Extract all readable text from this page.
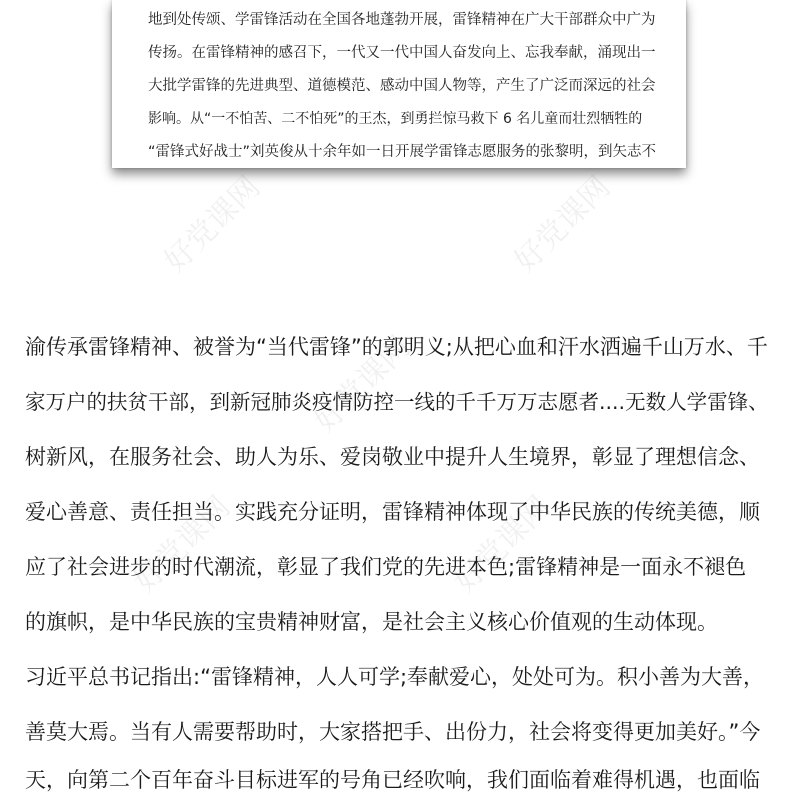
好党课网	好党课网
好党课网
好党课网	好党课网
地到处传颂、学雷锋活动在全国各地蓬勃开展，雷锋精神在广大干部群众中广为
传扬。在雷锋精神的感召下，一代又一代中国人奋发向上、忘我奉献，涌现出一
大批学雷锋的先进典型、道德模范、感动中国人物等，产生了广泛而深远的社会
影响。从“一不怕苦、二不怕死”的王杰，到勇拦惊马救下 6 名儿童而壮烈牺牲的
“雷锋式好战士”刘英俊从十余年如一日开展学雷锋志愿服务的张黎明，到矢志不
渝传承雷锋精神、被誉为“当代雷锋”的郭明义;从把心血和汗水洒遍千山万水、千
家万户的扶贫干部，到新冠肺炎疫情防控一线的千千万万志愿者....无数人学雷锋、
树新风，在服务社会、助人为乐、爱岗敬业中提升人生境界，彰显了理想信念、
爱心善意、责任担当。实践充分证明，雷锋精神体现了中华民族的传统美德，顺
应了社会进步的时代潮流，彰显了我们党的先进本色;雷锋精神是一面永不褪色
的旗帜，是中华民族的宝贵精神财富，是社会主义核心价值观的生动体现。
习近平总书记指出:“雷锋精神，人人可学;奉献爱心，处处可为。积小善为大善，
善莫大焉。当有人需要帮助时，大家搭把手、出份力，社会将变得更加美好。”今
天，向第二个百年奋斗目标进军的号角已经吹响，我们面临着难得机遇，也面临
